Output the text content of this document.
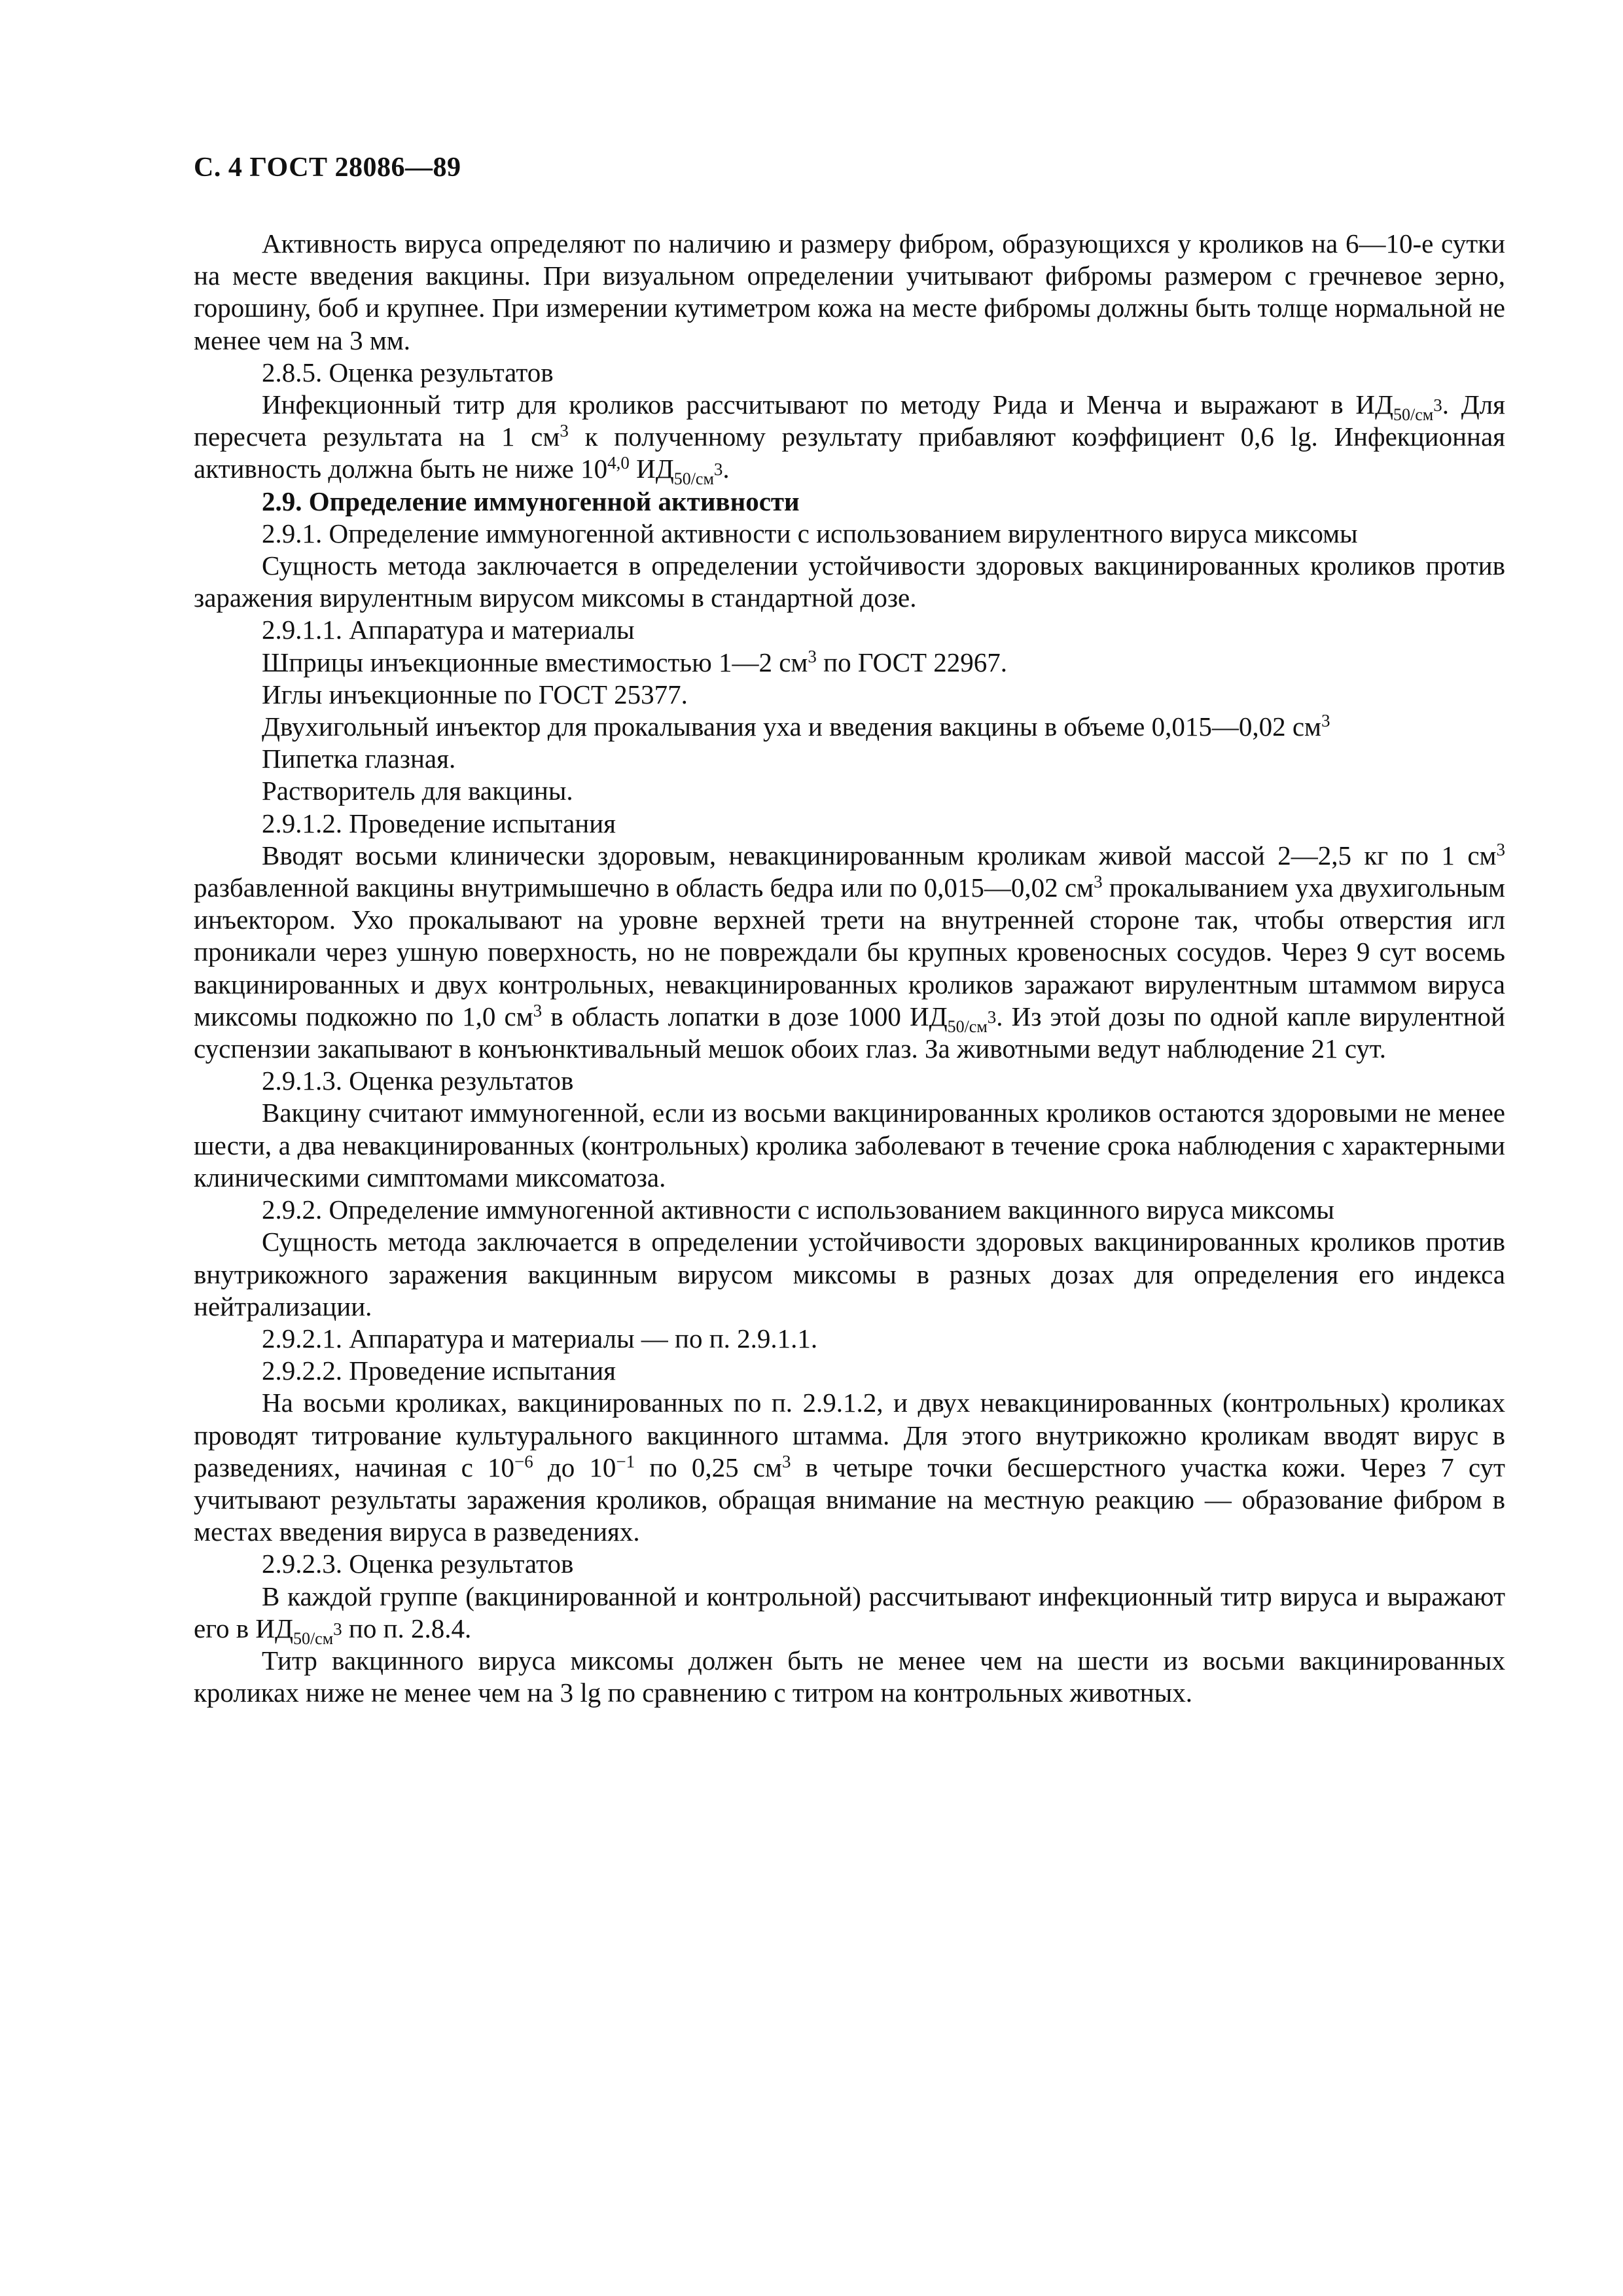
С. 4 ГОСТ 28086—89

Активность вируса определяют по наличию и размеру фибром, образующихся у кроликов на 6—10-е сутки на месте введения вакцины. При визуальном определении учитывают фибромы размером с гречневое зерно, горошину, боб и крупнее. При измерении кутиметром кожа на месте фибромы должны быть толще нормальной не менее чем на 3 мм.

2.8.5. Оценка результатов

Инфекционный титр для кроликов рассчитывают по методу Рида и Менча и выражают в $ИД_{50/см^3}$. Для пересчета результата на 1 $см^3$ к полученному результату прибавляют коэффициент 0,6 lg. Инфекционная активность должна быть не ниже 10$^{4,0}$ $ИД_{50/см^3}$.

2.9. Определение иммуногенной активности

2.9.1. Определение иммуногенной активности с использованием вирулентного вируса миксомы

Сущность метода заключается в определении устойчивости здоровых вакцинированных кроликов против заражения вирулентным вирусом миксомы в стандартной дозе.

2.9.1.1. Аппаратура и материалы

Шприцы инъекционные вместимостью 1—2 $см^3$ по ГОСТ 22967.

Иглы инъекционные по ГОСТ 25377.

Двухигольный инъектор для прокалывания уха и введения вакцины в объеме 0,015—0,02 $см^3$

Пипетка глазная.

Растворитель для вакцины.

2.9.1.2. Проведение испытания

Вводят восьми клинически здоровым, невакцинированным кроликам живой массой 2—2,5 кг по 1 $см^3$ разбавленной вакцины внутримышечно в область бедра или по 0,015—0,02 $см^3$ прокалыванием уха двухигольным инъектором. Ухо прокалывают на уровне верхней трети на внутренней стороне так, чтобы отверстия игл проникали через ушную поверхность, но не повреждали бы крупных кровеносных сосудов. Через 9 сут восемь вакцинированных и двух контрольных, невакцинированных кроликов заражают вирулентным штаммом вируса миксомы подкожно по 1,0 $см^3$ в область лопатки в дозе 1000 $ИД_{50/см^3}$. Из этой дозы по одной капле вирулентной суспензии закапывают в конъюнктивальный мешок обоих глаз. За животными ведут наблюдение 21 сут.

2.9.1.3. Оценка результатов

Вакцину считают иммуногенной, если из восьми вакцинированных кроликов остаются здоровыми не менее шести, а два невакцинированных (контрольных) кролика заболевают в течение срока наблюдения с характерными клиническими симптомами миксоматоза.

2.9.2. Определение иммуногенной активности с использованием вакцинного вируса миксомы

Сущность метода заключается в определении устойчивости здоровых вакцинированных кроликов против внутрикожного заражения вакцинным вирусом миксомы в разных дозах для определения его индекса нейтрализации.

2.9.2.1. Аппаратура и материалы — по п. 2.9.1.1.

2.9.2.2. Проведение испытания

На восьми кроликах, вакцинированных по п. 2.9.1.2, и двух невакцинированных (контрольных) кроликах проводят титрование культурального вакцинного штамма. Для этого внутрикожно кроликам вводят вирус в разведениях, начиная с $10^{-6}$ до $10^{-1}$ по 0,25 $см^3$ в четыре точки бесшерстного участка кожи. Через 7 сут учитывают результаты заражения кроликов, обращая внимание на местную реакцию — образование фибром в местах введения вируса в разведениях.

2.9.2.3. Оценка результатов

В каждой группе (вакцинированной и контрольной) рассчитывают инфекционный титр вируса и выражают его в $ИД_{50/см^3}$ по п. 2.8.4.

Титр вакцинного вируса миксомы должен быть не менее чем на шести из восьми вакцинированных кроликах ниже не менее чем на 3 lg по сравнению с титром на контрольных животных.
